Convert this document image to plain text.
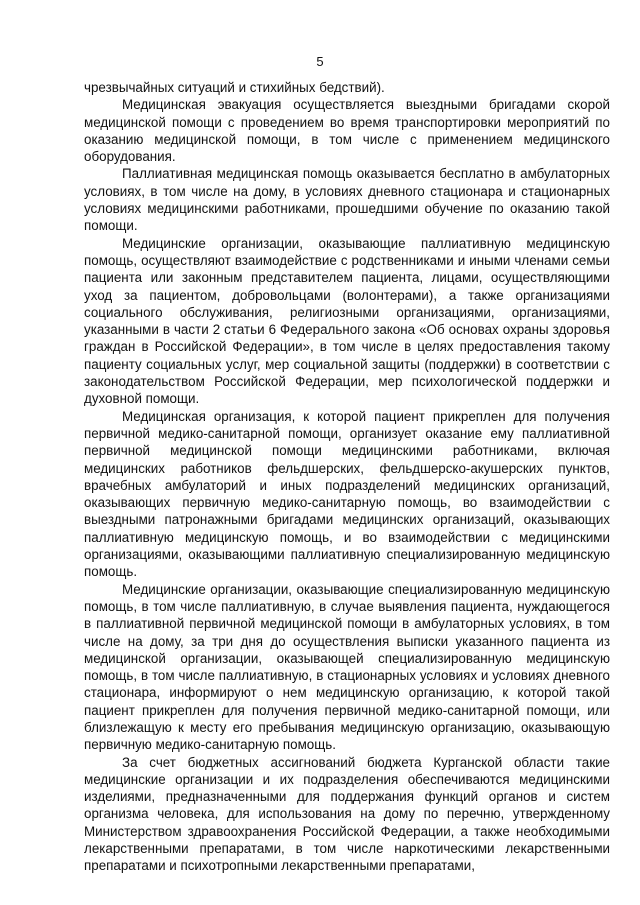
5

чрезвычайных ситуаций и стихийных бедствий).

Медицинская эвакуация осуществляется выездными бригадами скорой медицинской помощи с проведением во время транспортировки мероприятий по оказанию медицинской помощи, в том числе с применением медицинского оборудования.

Паллиативная медицинская помощь оказывается бесплатно в амбулаторных условиях, в том числе на дому, в условиях дневного стационара и стационарных условиях медицинскими работниками, прошедшими обучение по оказанию такой помощи.

Медицинские организации, оказывающие паллиативную медицинскую помощь, осуществляют взаимодействие с родственниками и иными членами семьи пациента или законным представителем пациента, лицами, осуществляющими уход за пациентом, добровольцами (волонтерами), а также организациями социального обслуживания, религиозными организациями, организациями, указанными в части 2 статьи 6 Федерального закона «Об основах охраны здоровья граждан в Российской Федерации», в том числе в целях предоставления такому пациенту социальных услуг, мер социальной защиты (поддержки) в соответствии с законодательством Российской Федерации, мер психологической поддержки и духовной помощи.

Медицинская организация, к которой пациент прикреплен для получения первичной медико-санитарной помощи, организует оказание ему паллиативной первичной медицинской помощи медицинскими работниками, включая медицинских работников фельдшерских, фельдшерско-акушерских пунктов, врачебных амбулаторий и иных подразделений медицинских организаций, оказывающих первичную медико-санитарную помощь, во взаимодействии с выездными патронажными бригадами медицинских организаций, оказывающих паллиативную медицинскую помощь, и во взаимодействии с медицинскими организациями, оказывающими паллиативную специализированную медицинскую помощь.

Медицинские организации, оказывающие специализированную медицинскую помощь, в том числе паллиативную, в случае выявления пациента, нуждающегося в паллиативной первичной медицинской помощи в амбулаторных условиях, в том числе на дому, за три дня до осуществления выписки указанного пациента из медицинской организации, оказывающей специализированную медицинскую помощь, в том числе паллиативную, в стационарных условиях и условиях дневного стационара, информируют о нем медицинскую организацию, к которой такой пациент прикреплен для получения первичной медико-санитарной помощи, или близлежащую к месту его пребывания медицинскую организацию, оказывающую первичную медико-санитарную помощь.

За счет бюджетных ассигнований бюджета Курганской области такие медицинские организации и их подразделения обеспечиваются медицинскими изделиями, предназначенными для поддержания функций органов и систем организма человека, для использования на дому по перечню, утвержденному Министерством здравоохранения Российской Федерации, а также необходимыми лекарственными препаратами, в том числе наркотическими лекарственными препаратами и психотропными лекарственными препаратами,
